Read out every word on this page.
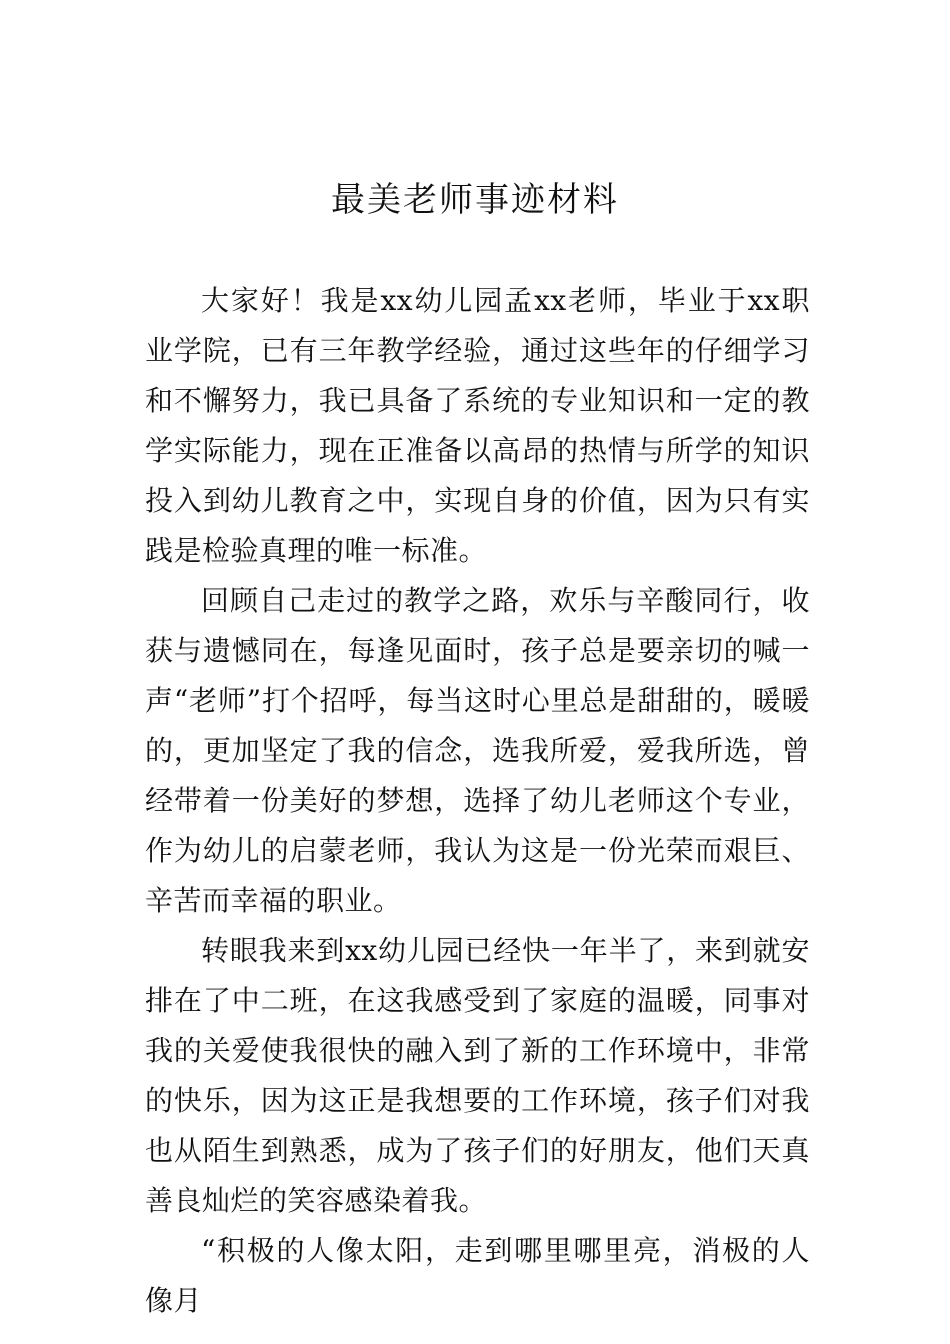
最美老师事迹材料

大家好！我是xx幼儿园孟xx老师，毕业于xx职业学院，已有三年教学经验，通过这些年的仔细学习和不懈努力，我已具备了系统的专业知识和一定的教学实际能力，现在正准备以高昂的热情与所学的知识投入到幼儿教育之中，实现自身的价值，因为只有实践是检验真理的唯一标准。

回顾自己走过的教学之路，欢乐与辛酸同行，收获与遗憾同在，每逢见面时，孩子总是要亲切的喊一声“老师”打个招呼，每当这时心里总是甜甜的，暖暖的，更加坚定了我的信念，选我所爱，爱我所选，曾经带着一份美好的梦想，选择了幼儿老师这个专业，作为幼儿的启蒙老师，我认为这是一份光荣而艰巨、辛苦而幸福的职业。

转眼我来到xx幼儿园已经快一年半了，来到就安排在了中二班，在这我感受到了家庭的温暖，同事对我的关爱使我很快的融入到了新的工作环境中，非常的快乐，因为这正是我想要的工作环境，孩子们对我也从陌生到熟悉，成为了孩子们的好朋友，他们天真善良灿烂的笑容感染着我。

“积极的人像太阳，走到哪里哪里亮，消极的人像月
